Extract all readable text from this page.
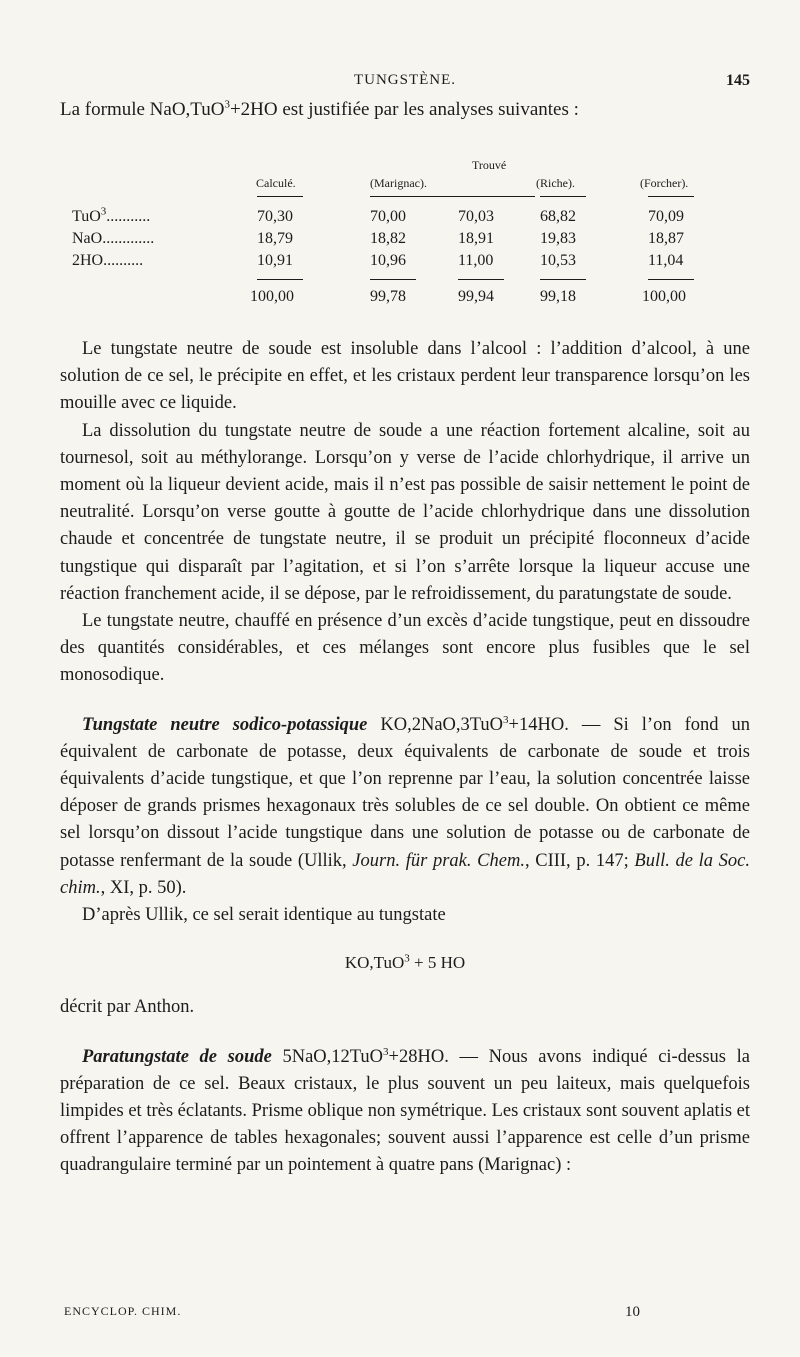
TUNGSTÈNE.	145
La formule NaO,TuO$^3$+2HO est justifiée par les analyses suivantes :
Trouvé
Calculé.	(Marignac).	(Riche).	(Forcher).
TuO$^3$...........	70,30	70,00	70,03	68,82	70,09
NaO.............	18,79	18,82	18,91	19,83	18,87
2HO..........	10,91	10,96	11,00	10,53	11,04
100,00	99,78	99,94	99,18	100,00

Le tungstate neutre de soude est insoluble dans l’alcool : l’addition d’alcool, à une solution de ce sel, le précipite en effet, et les cristaux perdent leur transparence lorsqu’on les mouille avec ce liquide.

La dissolution du tungstate neutre de soude a une réaction fortement alcaline, soit au tournesol, soit au méthylorange. Lorsqu’on y verse de l’acide chlorhydrique, il arrive un moment où la liqueur devient acide, mais il n’est pas possible de saisir nettement le point de neutralité. Lorsqu’on verse goutte à goutte de l’acide chlorhydrique dans une dissolution chaude et concentrée de tungstate neutre, il se produit un précipité floconneux d’acide tungstique qui disparaît par l’agitation, et si l’on s’arrête lorsque la liqueur accuse une réaction franchement acide, il se dépose, par le refroidissement, du paratungstate de soude.

Le tungstate neutre, chauffé en présence d’un excès d’acide tungstique, peut en dissoudre des quantités considérables, et ces mélanges sont encore plus fusibles que le sel monosodique.

Tungstate neutre sodico-potassique KO,2NaO,3TuO$^3$+14HO. — Si l’on fond un équivalent de carbonate de potasse, deux équivalents de carbonate de soude et trois équivalents d’acide tungstique, et que l’on reprenne par l’eau, la solution concentrée laisse déposer de grands prismes hexagonaux très solubles de ce sel double. On obtient ce même sel lorsqu’on dissout l’acide tungstique dans une solution de potasse ou de carbonate de potasse renfermant de la soude (Ullik, Journ. für prak. Chem., CIII, p. 147; Bull. de la Soc. chim., XI, p. 50).

D’après Ullik, ce sel serait identique au tungstate

KO,TuO$^3$ + 5 HO

décrit par Anthon.

Paratungstate de soude 5NaO,12TuO$^3$+28HO. — Nous avons indiqué ci-dessus la préparation de ce sel. Beaux cristaux, le plus souvent un peu laiteux, mais quelquefois limpides et très éclatants. Prisme oblique non symétrique. Les cristaux sont souvent aplatis et offrent l’apparence de tables hexagonales; souvent aussi l’apparence est celle d’un prisme quadrangulaire terminé par un pointement à quatre pans (Marignac) :

ENCYCLOP. CHIM.	10
